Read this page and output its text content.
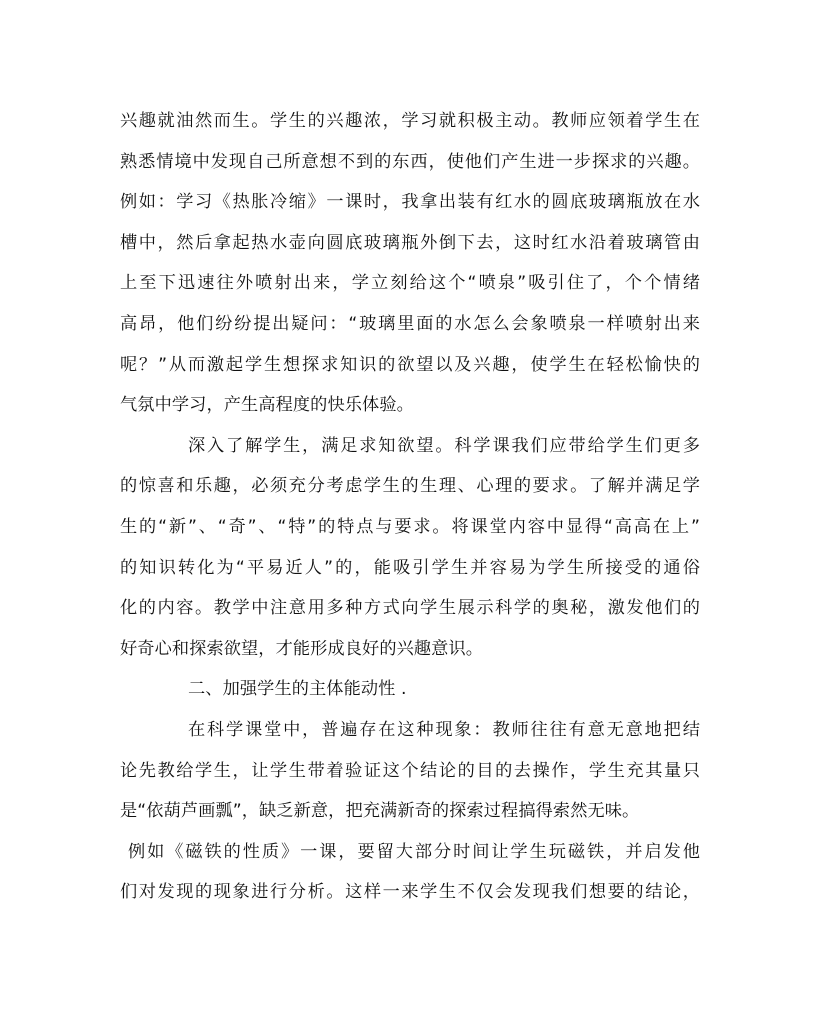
兴趣就油然而生。学生的兴趣浓，学习就积极主动。教师应领着学生在
熟悉情境中发现自己所意想不到的东西，使他们产生进一步探求的兴趣。
例如：学习《热胀冷缩》一课时，我拿出装有红水的圆底玻璃瓶放在水
槽中，然后拿起热水壶向圆底玻璃瓶外倒下去，这时红水沿着玻璃管由
上至下迅速往外喷射出来，学立刻给这个“喷泉”吸引住了，个个情绪
高昂，他们纷纷提出疑问：“玻璃里面的水怎么会象喷泉一样喷射出来
呢？”从而激起学生想探求知识的欲望以及兴趣，使学生在轻松愉快的
气氛中学习，产生高程度的快乐体验。
深入了解学生，满足求知欲望。科学课我们应带给学生们更多
的惊喜和乐趣，必须充分考虑学生的生理、心理的要求。了解并满足学
生的“新”、“奇”、“特”的特点与要求。将课堂内容中显得“高高在上”
的知识转化为“平易近人”的，能吸引学生并容易为学生所接受的通俗
化的内容。教学中注意用多种方式向学生展示科学的奥秘，激发他们的
好奇心和探索欲望，才能形成良好的兴趣意识。
二、加强学生的主体能动性 .
在科学课堂中，普遍存在这种现象：教师往往有意无意地把结
论先教给学生，让学生带着验证这个结论的目的去操作，学生充其量只
是“依葫芦画瓢”，缺乏新意，把充满新奇的探索过程搞得索然无味。
例如《磁铁的性质》一课，要留大部分时间让学生玩磁铁，并启发他
们对发现的现象进行分析。这样一来学生不仅会发现我们想要的结论，
